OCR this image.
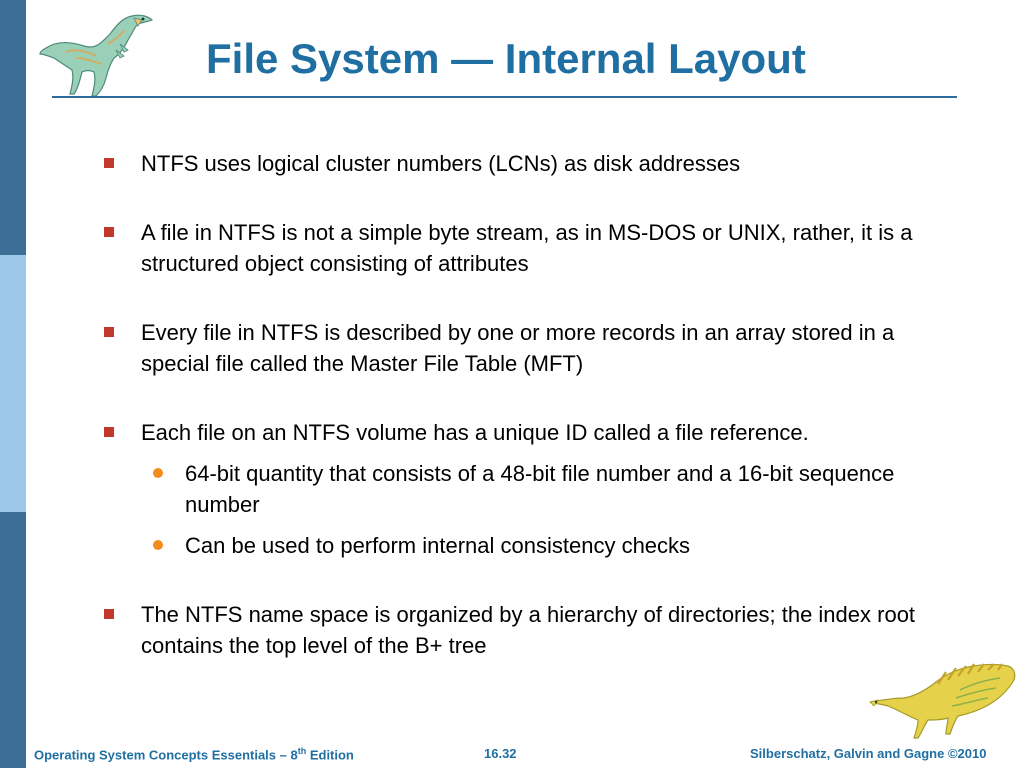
File System — Internal Layout
NTFS uses logical cluster numbers (LCNs) as disk addresses
A file in NTFS is not a simple byte stream, as in MS-DOS or UNIX, rather, it is a structured object consisting of attributes
Every file in NTFS is described by one or more records in an array stored in a special file called the Master File Table (MFT)
Each file on an NTFS volume has a unique ID called a file reference.
64-bit quantity that consists of a 48-bit file number and a 16-bit sequence number
Can be used to perform internal consistency checks
The NTFS name space is organized by a hierarchy of directories; the index root contains the top level of the B+ tree
Operating System Concepts Essentials – 8th Edition	16.32	Silberschatz, Galvin and Gagne ©2010
